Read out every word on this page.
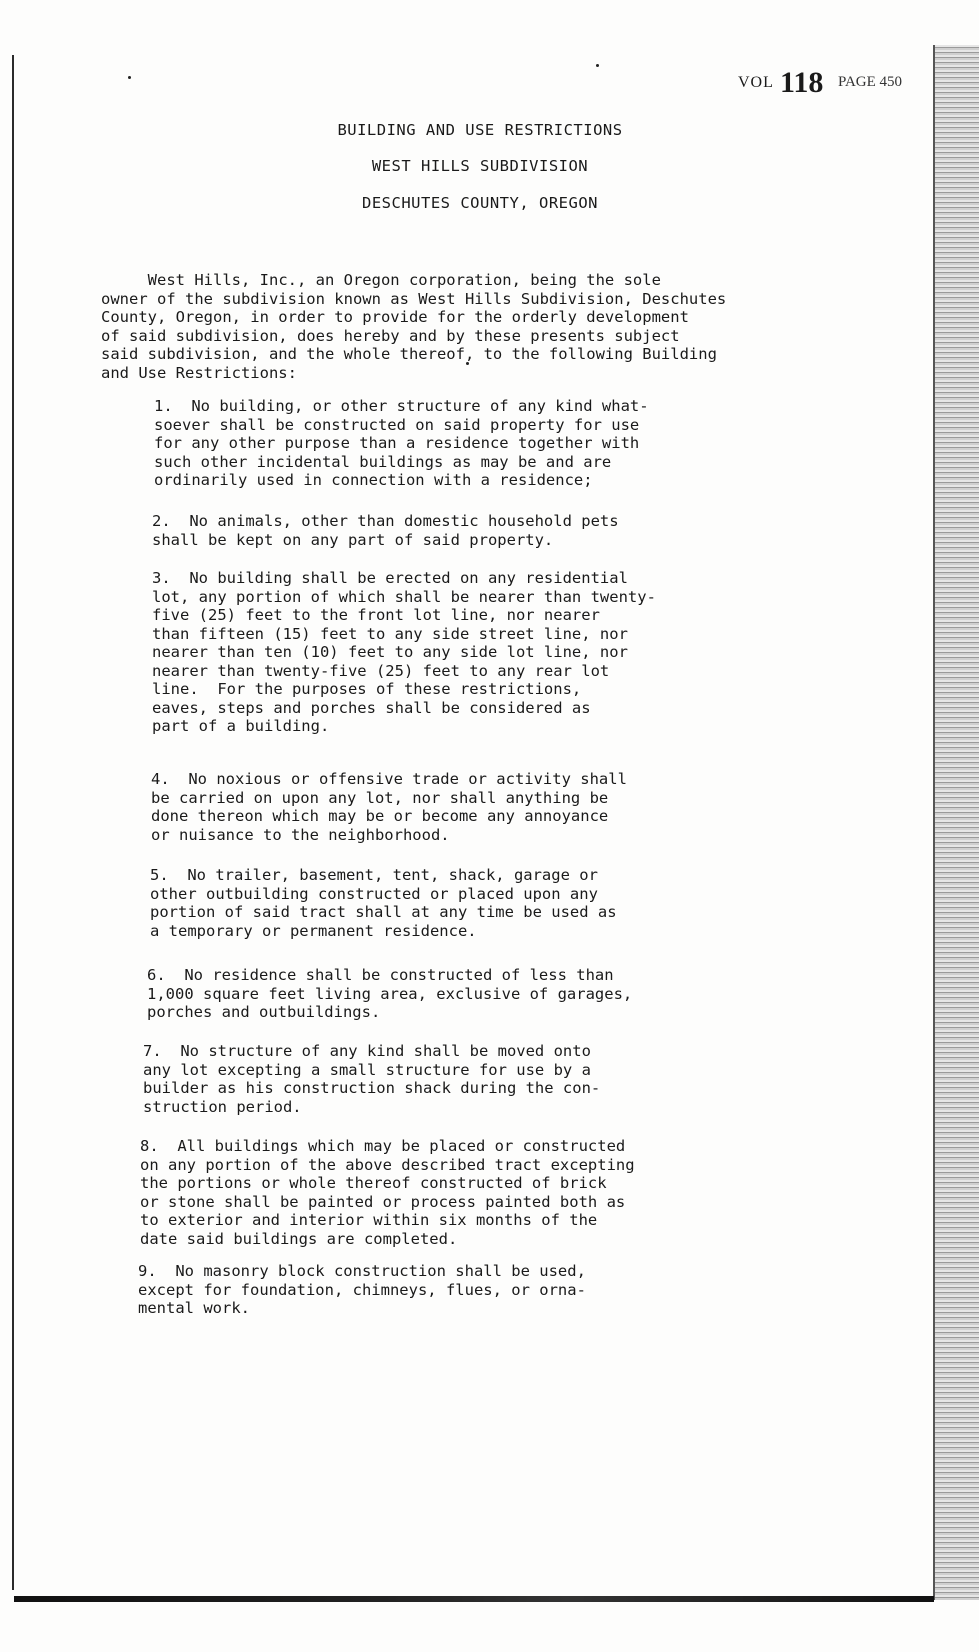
VOL 118 PAGE 450
BUILDING AND USE RESTRICTIONS
WEST HILLS SUBDIVISION
DESCHUTES COUNTY, OREGON

West Hills, Inc., an Oregon corporation, being the sole
owner of the subdivision known as West Hills Subdivision, Deschutes
County, Oregon, in order to provide for the orderly development
of said subdivision, does hereby and by these presents subject
said subdivision, and the whole thereof, to the following Building
and Use Restrictions:

1.  No building, or other structure of any kind what-
soever shall be constructed on said property for use
for any other purpose than a residence together with
such other incidental buildings as may be and are
ordinarily used in connection with a residence;

2.  No animals, other than domestic household pets
shall be kept on any part of said property.

3.  No building shall be erected on any residential
lot, any portion of which shall be nearer than twenty-
five (25) feet to the front lot line, nor nearer
than fifteen (15) feet to any side street line, nor
nearer than ten (10) feet to any side lot line, nor
nearer than twenty-five (25) feet to any rear lot
line.  For the purposes of these restrictions,
eaves, steps and porches shall be considered as
part of a building.

4.  No noxious or offensive trade or activity shall
be carried on upon any lot, nor shall anything be
done thereon which may be or become any annoyance
or nuisance to the neighborhood.

5.  No trailer, basement, tent, shack, garage or
other outbuilding constructed or placed upon any
portion of said tract shall at any time be used as
a temporary or permanent residence.

6.  No residence shall be constructed of less than
1,000 square feet living area, exclusive of garages,
porches and outbuildings.

7.  No structure of any kind shall be moved onto
any lot excepting a small structure for use by a
builder as his construction shack during the con-
struction period.

8.  All buildings which may be placed or constructed
on any portion of the above described tract excepting
the portions or whole thereof constructed of brick
or stone shall be painted or process painted both as
to exterior and interior within six months of the
date said buildings are completed.

9.  No masonry block construction shall be used,
except for foundation, chimneys, flues, or orna-
mental work.
